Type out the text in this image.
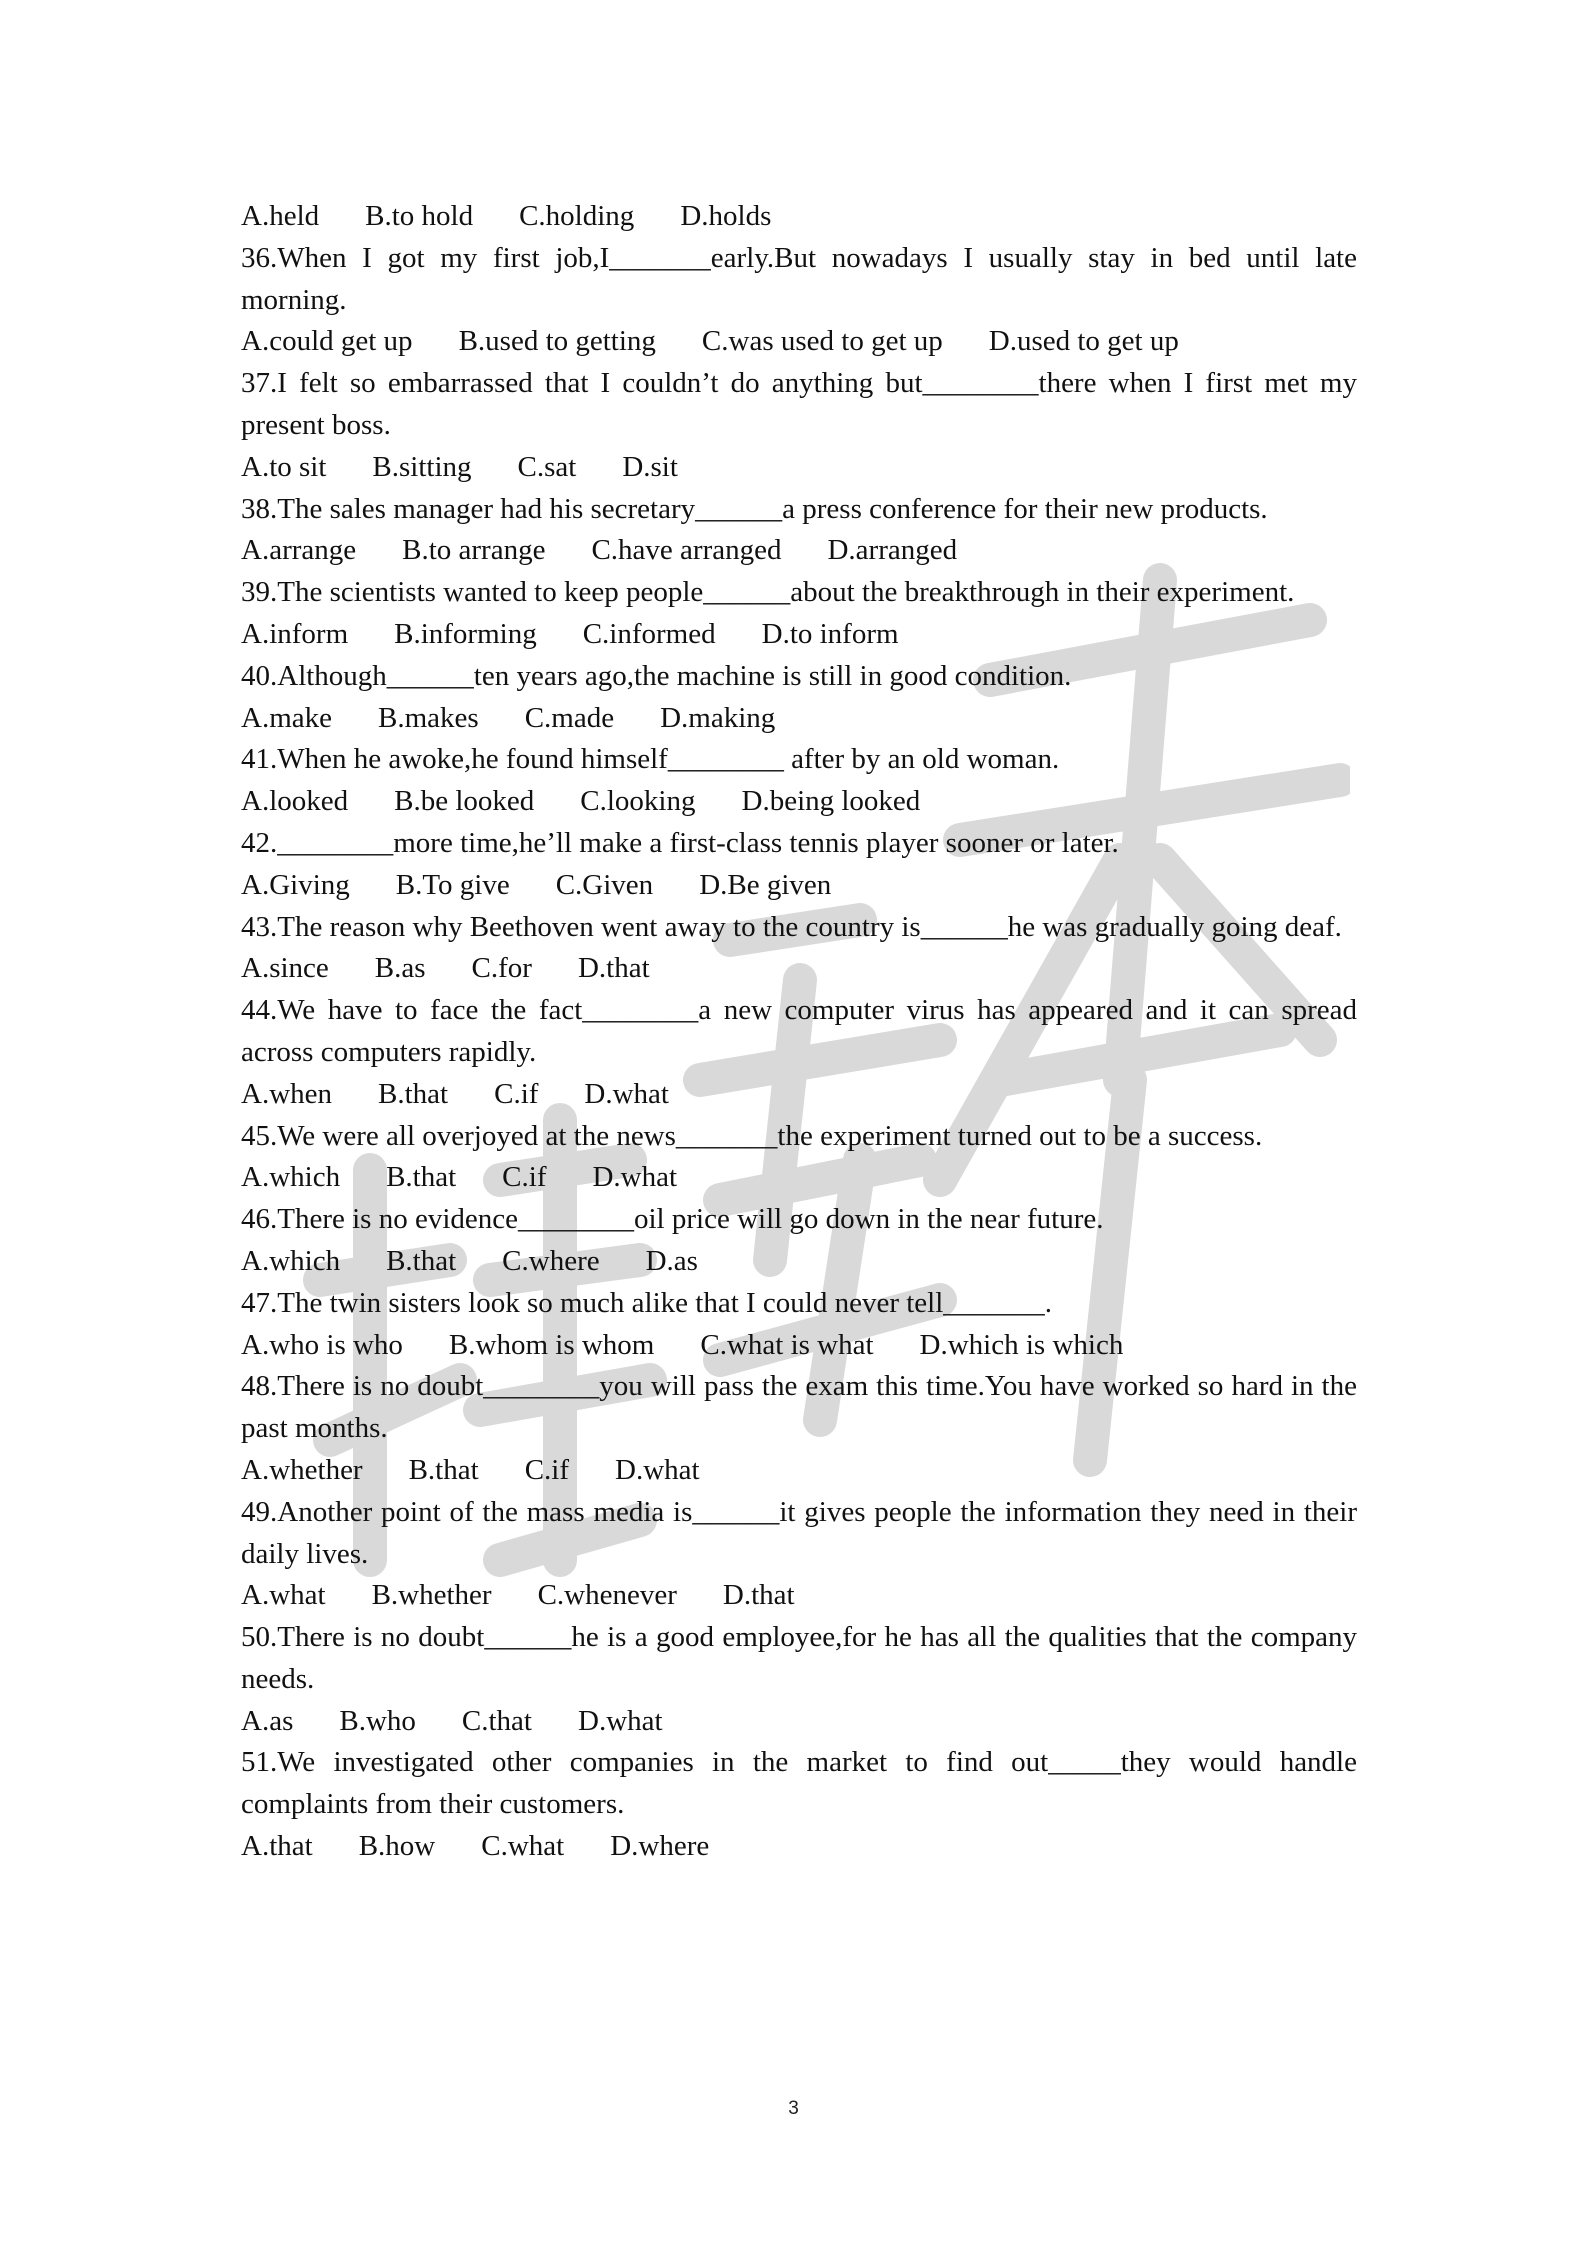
A.held B.to hold C.holding D.holds

36.When I got my first job,I_______early.But nowadays I usually stay in bed until late morning.

A.could get up B.used to getting C.was used to get up D.used to get up

37.I felt so embarrassed that I couldn’t do anything but________there when I first met my present boss.

A.to sit B.sitting C.sat D.sit

38.The sales manager had his secretary______a press conference for their new products.

A.arrange B.to arrange C.have arranged D.arranged

39.The scientists wanted to keep people______about the breakthrough in their experiment.

A.inform B.informing C.informed D.to inform

40.Although______ten years ago,the machine is still in good condition.

A.make B.makes C.made D.making

41.When he awoke,he found himself________ after by an old woman.

A.looked B.be looked C.looking D.being looked

42.________more time,he’ll make a first-class tennis player sooner or later.

A.Giving B.To give C.Given D.Be given

43.The reason why Beethoven went away to the country is______he was gradually going deaf.

A.since B.as C.for D.that

44.We have to face the fact________a new computer virus has appeared and it can spread across computers rapidly.

A.when B.that C.if D.what

45.We were all overjoyed at the news_______the experiment turned out to be a success.

A.which B.that C.if D.what

46.There is no evidence________oil price will go down in the near future.

A.which B.that C.where D.as

47.The twin sisters look so much alike that I could never tell_______.

A.who is who B.whom is whom C.what is what D.which is which

48.There is no doubt________you will pass the exam this time.You have worked so hard in the past months.

A.whether B.that C.if D.what

49.Another point of the mass media is______it gives people the information they need in their daily lives.

A.what B.whether C.whenever D.that

50.There is no doubt______he is a good employee,for he has all the qualities that the company needs.

A.as B.who C.that D.what

51.We investigated other companies in the market to find out_____they would handle complaints from their customers.

A.that B.how C.what D.where

3
